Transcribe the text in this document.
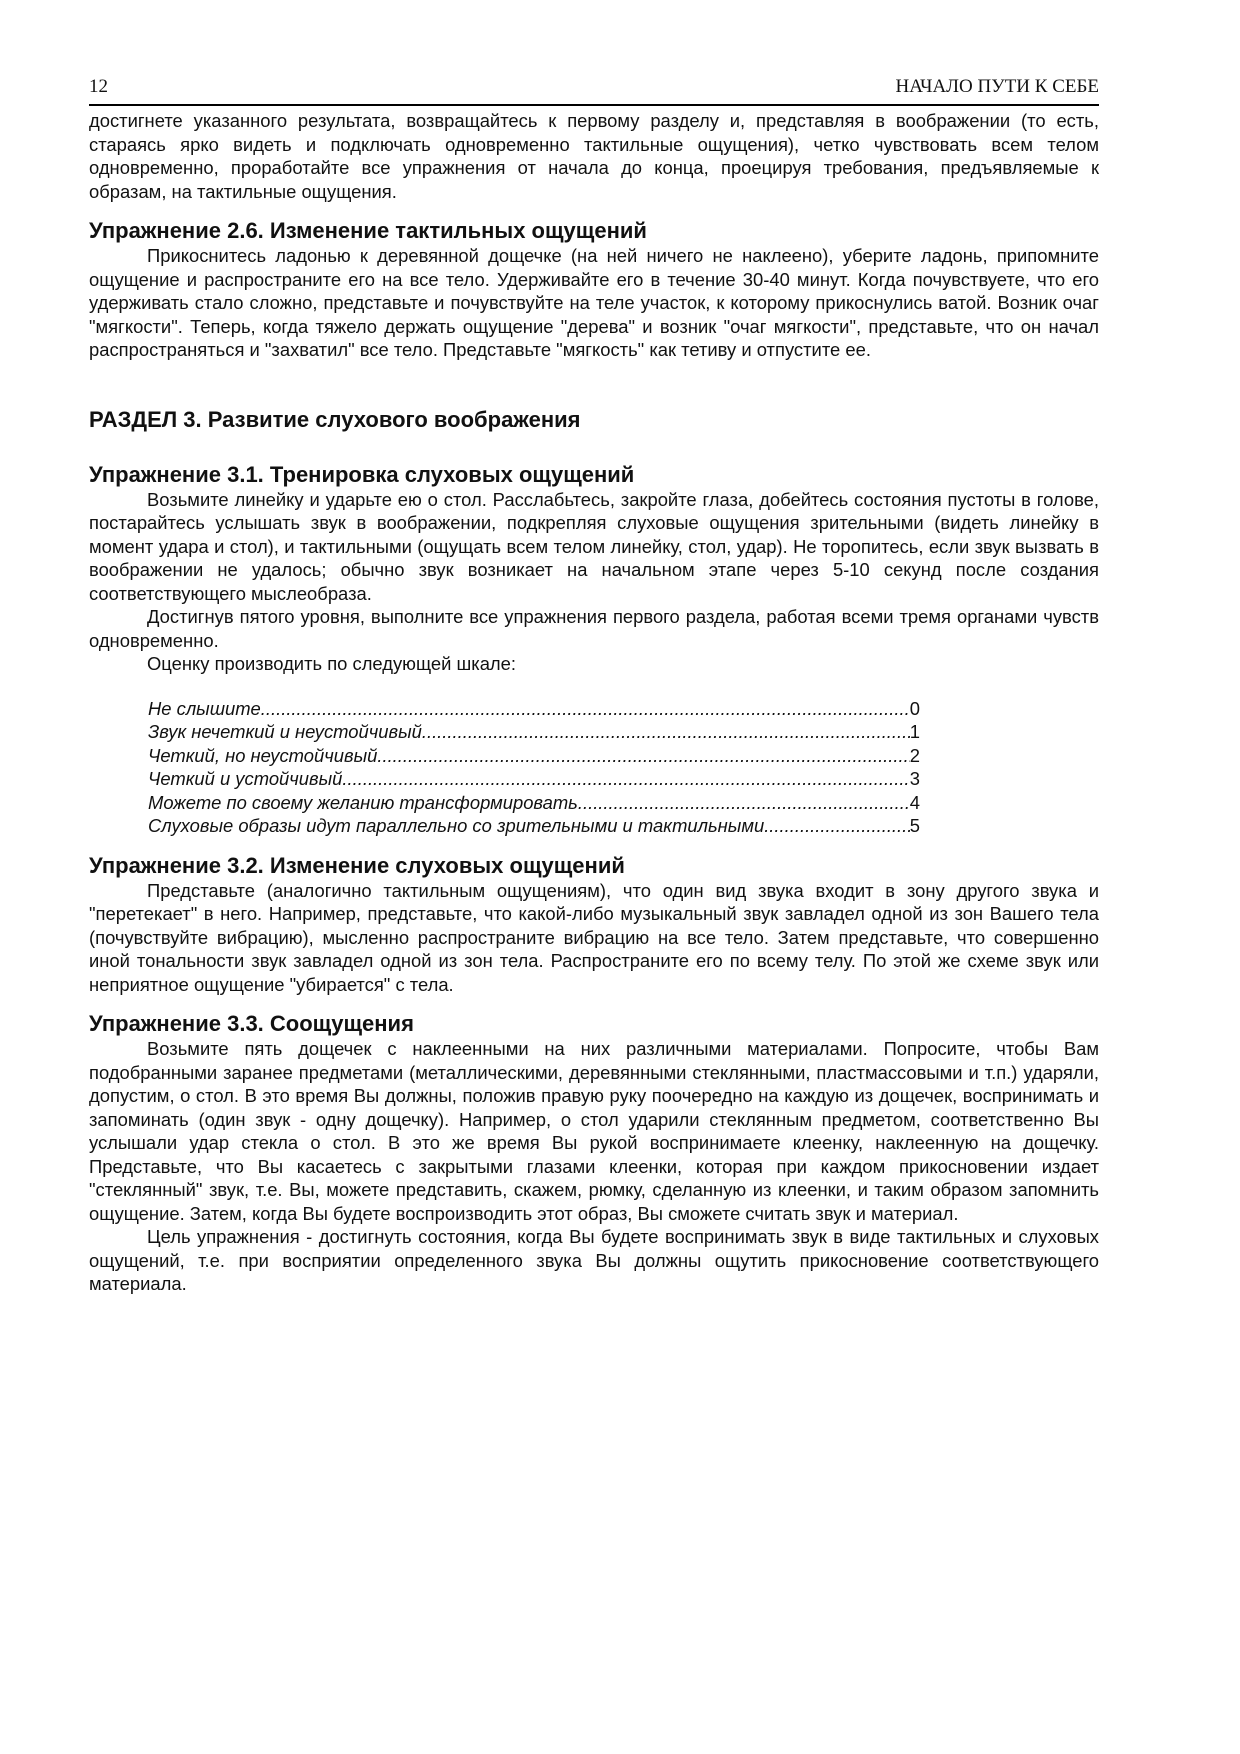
12	НАЧАЛО ПУТИ К СЕБЕ

достигнете указанного результата, возвращайтесь к первому разделу и, представляя в воображении (то есть, стараясь ярко видеть и подключать одновременно тактильные ощущения), четко чувствовать всем телом одновременно, проработайте все упражнения от начала до конца, проецируя требования, предъявляемые к образам, на тактильные ощущения.

Упражнение 2.6. Изменение тактильных ощущений

Прикоснитесь ладонью к деревянной дощечке (на ней ничего не наклеено), уберите ладонь, припомните ощущение и распространите его на все тело. Удерживайте его в течение 30-40 минут. Когда почувствуете, что его удерживать стало сложно, представьте и почувствуйте на теле участок, к которому прикоснулись ватой. Возник очаг "мягкости". Теперь, когда тяжело держать ощущение "дерева" и возник "очаг мягкости", представьте, что он начал распространяться и "захватил" все тело. Представьте "мягкость" как тетиву и отпустите ее.

РАЗДЕЛ 3. Развитие слухового воображения
Упражнение 3.1. Тренировка слуховых ощущений

Возьмите линейку и ударьте ею о стол. Расслабьтесь, закройте глаза, добейтесь состояния пустоты в голове, постарайтесь услышать звук в воображении, подкрепляя слуховые ощущения зрительными (видеть линейку в момент удара и стол), и тактильными (ощущать всем телом линейку, стол, удар). Не торопитесь, если звук вызвать в воображении не удалось; обычно звук возникает на начальном этапе через 5-10 секунд после создания соответствующего мыслеобраза.

Достигнув пятого уровня, выполните все упражнения первого раздела, работая всеми тремя органами чувств одновременно.

Оценку производить по следующей шкале:

Не слышите .....	0
Звук нечеткий и неустойчивый .....	1
Четкий, но неустойчивый .....	2
Четкий и устойчивый .....	3
Можете по своему желанию трансформировать .....	4
Слуховые образы идут параллельно со зрительными и тактильными .....	5
Упражнение 3.2. Изменение слуховых ощущений

Представьте (аналогично тактильным ощущениям), что один вид звука входит в зону другого звука и "перетекает" в него. Например, представьте, что какой-либо музыкальный звук завладел одной из зон Вашего тела (почувствуйте вибрацию), мысленно распространите вибрацию на все тело. Затем представьте, что совершенно иной тональности звук завладел одной из зон тела. Распространите его по всему телу. По этой же схеме звук или неприятное ощущение "убирается" с тела.

Упражнение 3.3. Соощущения

Возьмите пять дощечек с наклеенными на них различными материалами. Попросите, чтобы Вам подобранными заранее предметами (металлическими, деревянными стеклянными, пластмассовыми и т.п.) ударяли, допустим, о стол. В это время Вы должны, положив правую руку поочередно на каждую из дощечек, воспринимать и запоминать (один звук - одну дощечку). Например, о стол ударили стеклянным предметом, соответственно Вы услышали удар стекла о стол. В это же время Вы рукой воспринимаете клеенку, наклеенную на дощечку. Представьте, что Вы касаетесь с закрытыми глазами клеенки, которая при каждом прикосновении издает "стеклянный" звук, т.е. Вы, можете представить, скажем, рюмку, сделанную из клеенки, и таким образом запомнить ощущение. Затем, когда Вы будете воспроизводить этот образ, Вы сможете считать звук и материал.

Цель упражнения - достигнуть состояния, когда Вы будете воспринимать звук в виде тактильных и слуховых ощущений, т.е. при восприятии определенного звука Вы должны ощутить прикосновение соответствующего материала.
